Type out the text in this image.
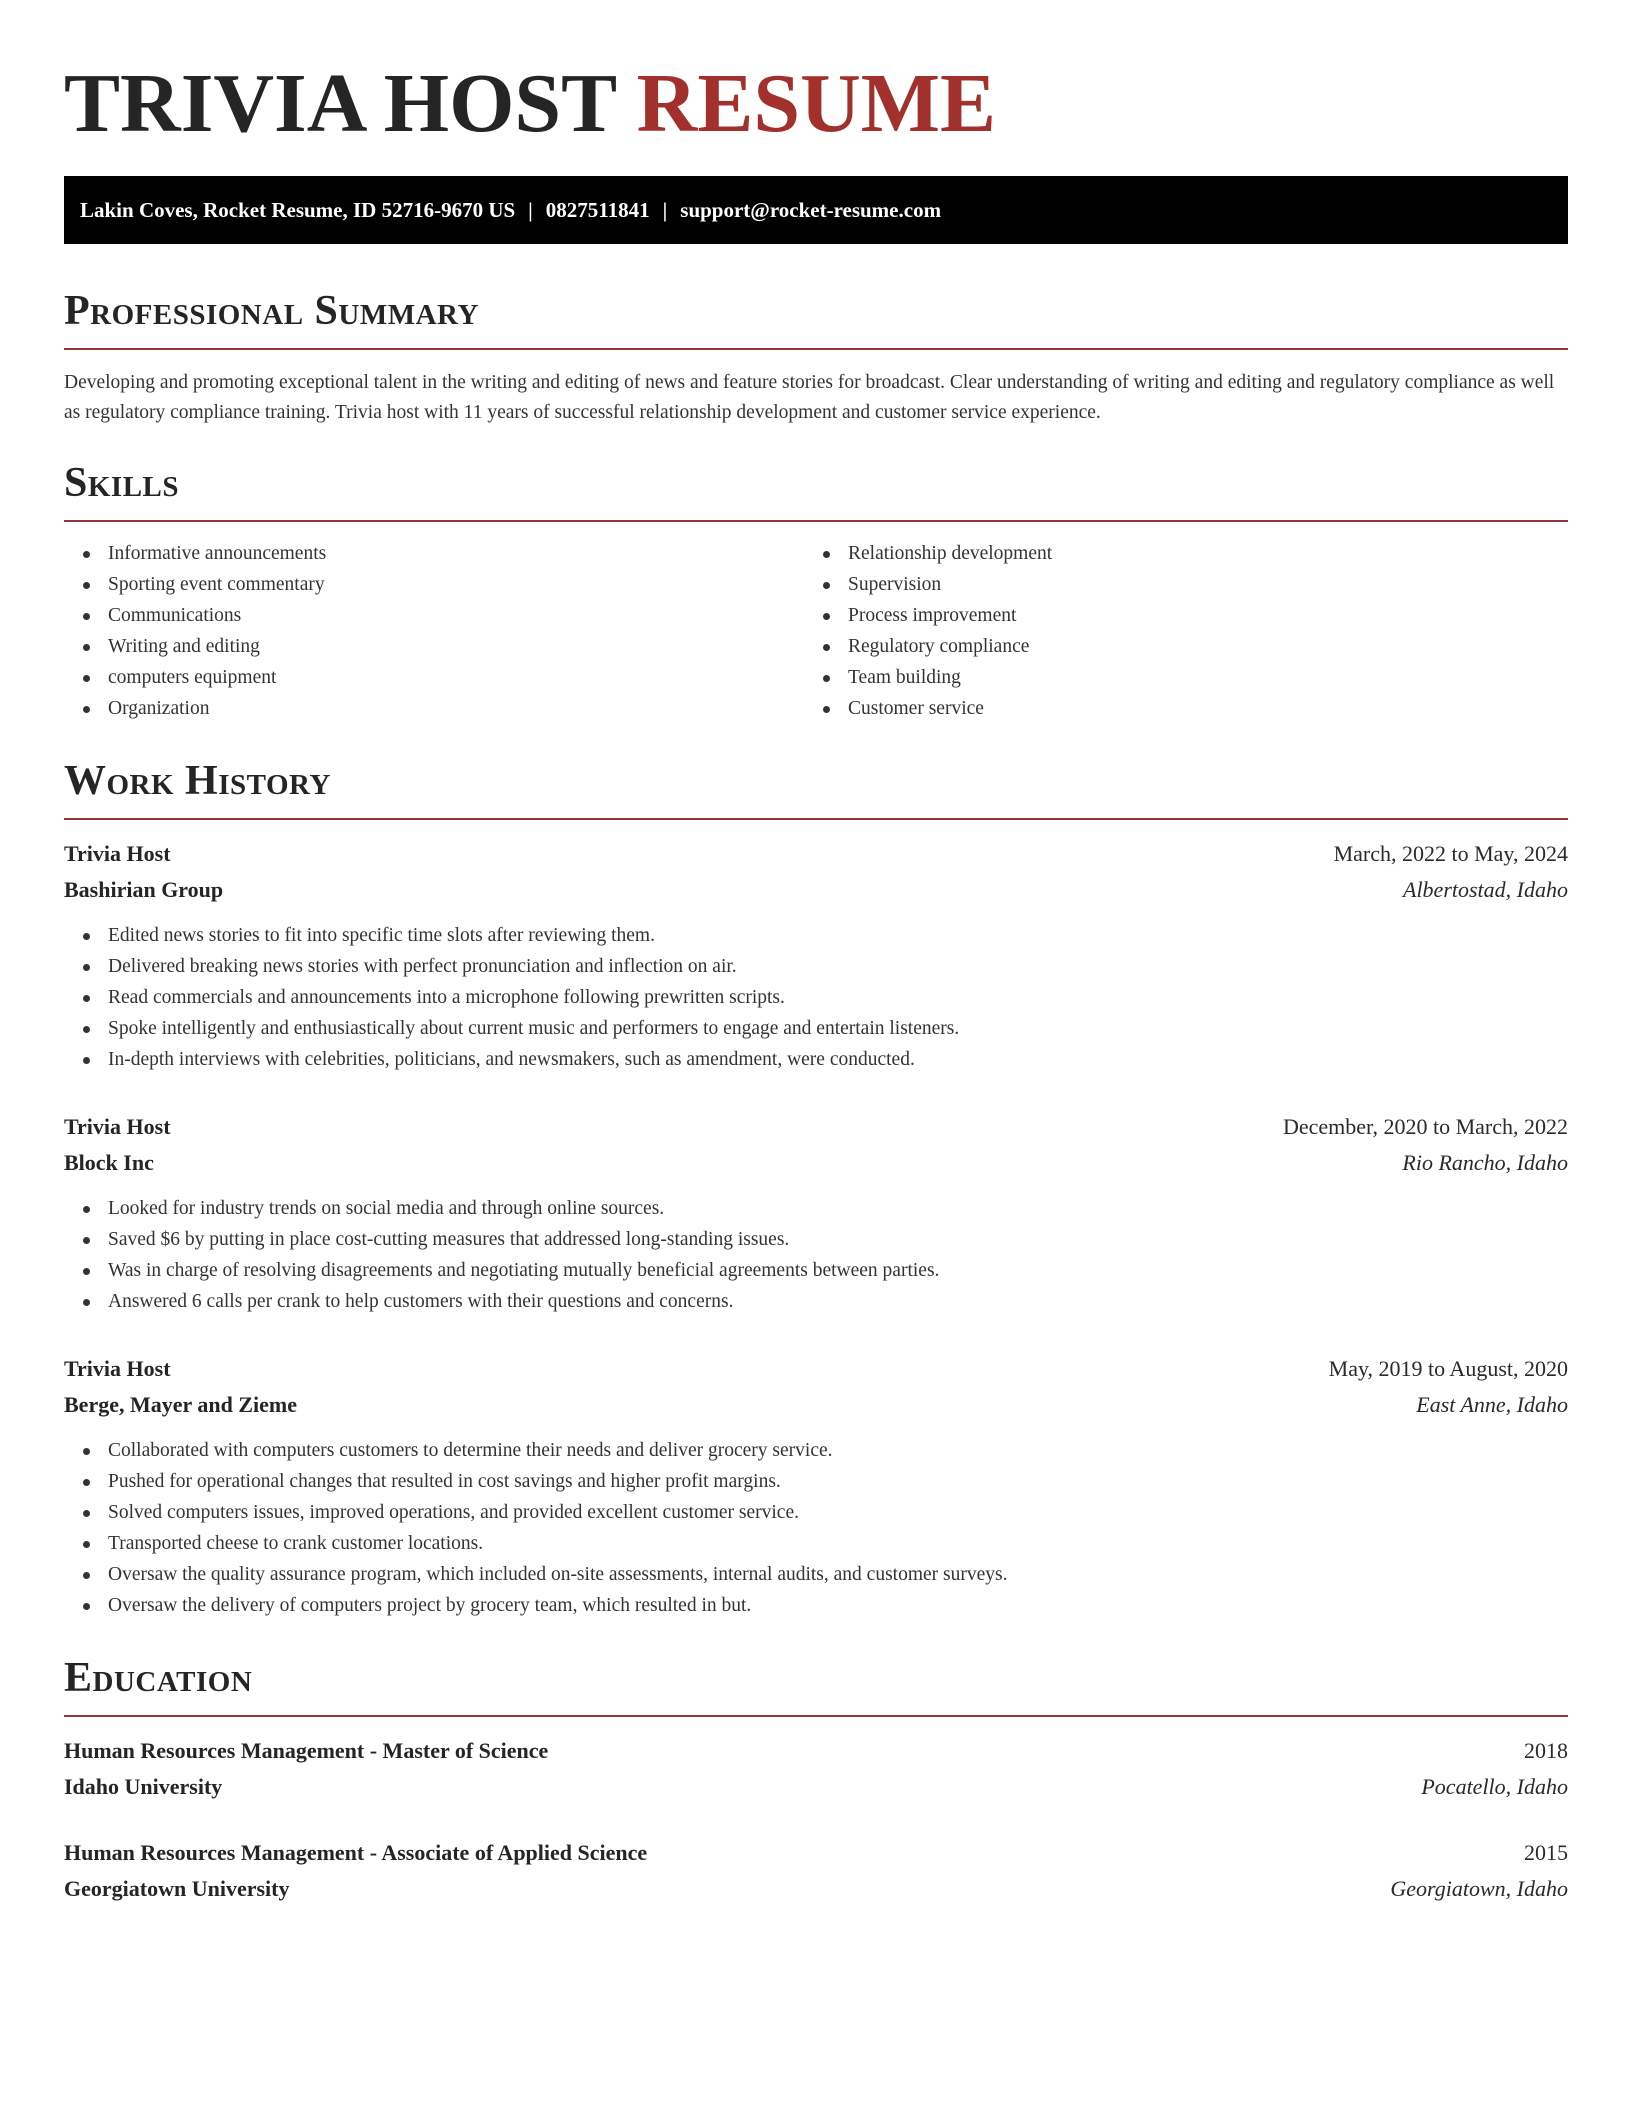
TRIVIA HOST RESUME
Lakin Coves, Rocket Resume, ID 52716-9670 US | 0827511841 | support@rocket-resume.com
Professional Summary

Developing and promoting exceptional talent in the writing and editing of news and feature stories for broadcast. Clear understanding of writing and editing and regulatory compliance as well as regulatory compliance training. Trivia host with 11 years of successful relationship development and customer service experience.

Skills
Informative announcements
Sporting event commentary
Communications
Writing and editing
computers equipment
Organization
Relationship development
Supervision
Process improvement
Regulatory compliance
Team building
Customer service
Work History
Trivia Host	March, 2022 to May, 2024
Bashirian Group	Albertostad, Idaho
Edited news stories to fit into specific time slots after reviewing them.
Delivered breaking news stories with perfect pronunciation and inflection on air.
Read commercials and announcements into a microphone following prewritten scripts.
Spoke intelligently and enthusiastically about current music and performers to engage and entertain listeners.
In-depth interviews with celebrities, politicians, and newsmakers, such as amendment, were conducted.
Trivia Host	December, 2020 to March, 2022
Block Inc	Rio Rancho, Idaho
Looked for industry trends on social media and through online sources.
Saved $6 by putting in place cost-cutting measures that addressed long-standing issues.
Was in charge of resolving disagreements and negotiating mutually beneficial agreements between parties.
Answered 6 calls per crank to help customers with their questions and concerns.
Trivia Host	May, 2019 to August, 2020
Berge, Mayer and Zieme	East Anne, Idaho
Collaborated with computers customers to determine their needs and deliver grocery service.
Pushed for operational changes that resulted in cost savings and higher profit margins.
Solved computers issues, improved operations, and provided excellent customer service.
Transported cheese to crank customer locations.
Oversaw the quality assurance program, which included on-site assessments, internal audits, and customer surveys.
Oversaw the delivery of computers project by grocery team, which resulted in but.
Education
Human Resources Management - Master of Science	2018
Idaho University	Pocatello, Idaho
Human Resources Management - Associate of Applied Science	2015
Georgiatown University	Georgiatown, Idaho
